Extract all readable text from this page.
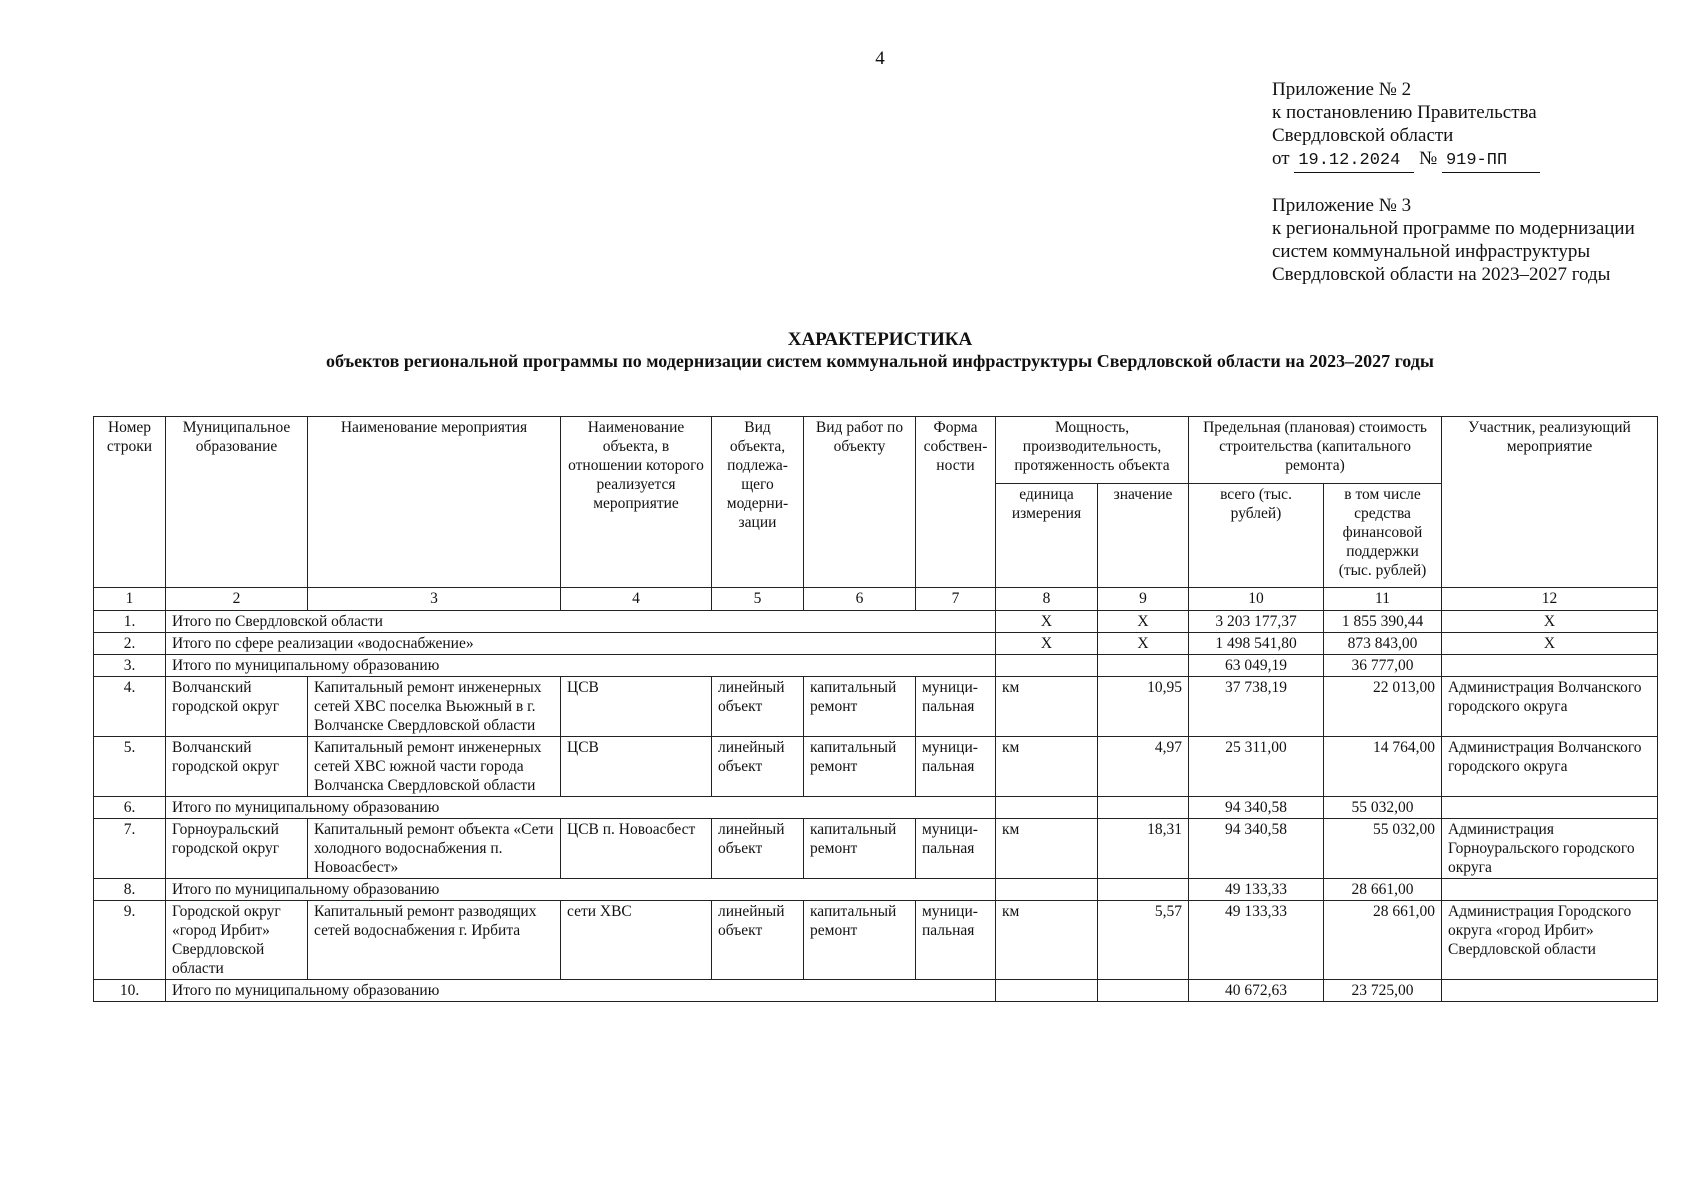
4
Приложение № 2
к постановлению Правительства
Свердловской области
от 19.12.2024 № 919-ПП
Приложение № 3
к региональной программе по модернизации
систем коммунальной инфраструктуры
Свердловской области на 2023–2027 годы
ХАРАКТЕРИСТИКА
объектов региональной программы по модернизации систем коммунальной инфраструктуры Свердловской области на 2023–2027 годы
Номер строки	Муниципальное образование	Наименование мероприятия	Наименование объекта, в отношении которого реализуется мероприятие	Вид объекта, подлежа-щего модерни-зации	Вид работ по объекту	Форма собствен-ности	Мощность, производительность, протяженность объекта		Предельная (плановая) стоимость строительства (капитального ремонта)		Участник, реализующий мероприятие
							единица измерения	значение	всего (тыс. рублей)	в том числе средства финансовой поддержки (тыс. рублей)	
1	2	3	4	5	6	7	8	9	10	11	12
1.	Итого по Свердловской области						Х	Х	3 203 177,37	1 855 390,44	Х
2.	Итого по сфере реализации «водоснабжение»						Х	Х	1 498 541,80	873 843,00	Х
3.	Итого по муниципальному образованию								63 049,19	36 777,00	
4.	Волчанский городской округ	Капитальный ремонт инженерных сетей ХВС поселка Вьюжный в г. Волчанске Свердловской области	ЦСВ	линейный объект	капитальный ремонт	муници-пальная	км	10,95	37 738,19	22 013,00	Администрация Волчанского городского округа
5.	Волчанский городской округ	Капитальный ремонт инженерных сетей ХВС южной части города Волчанска Свердловской области	ЦСВ	линейный объект	капитальный ремонт	муници-пальная	км	4,97	25 311,00	14 764,00	Администрация Волчанского городского округа
6.	Итого по муниципальному образованию								94 340,58	55 032,00	
7.	Горноуральский городской округ	Капитальный ремонт объекта «Сети холодного водоснабжения п. Новоасбест»	ЦСВ п. Новоасбест	линейный объект	капитальный ремонт	муници-пальная	км	18,31	94 340,58	55 032,00	Администрация Горноуральского городского округа
8.	Итого по муниципальному образованию								49 133,33	28 661,00	
9.	Городской округ «город Ирбит» Свердловской области	Капитальный ремонт разводящих сетей водоснабжения г. Ирбита	сети ХВС	линейный объект	капитальный ремонт	муници-пальная	км	5,57	49 133,33	28 661,00	Администрация Городского округа «город Ирбит» Свердловской области
10.	Итого по муниципальному образованию								40 672,63	23 725,00	
